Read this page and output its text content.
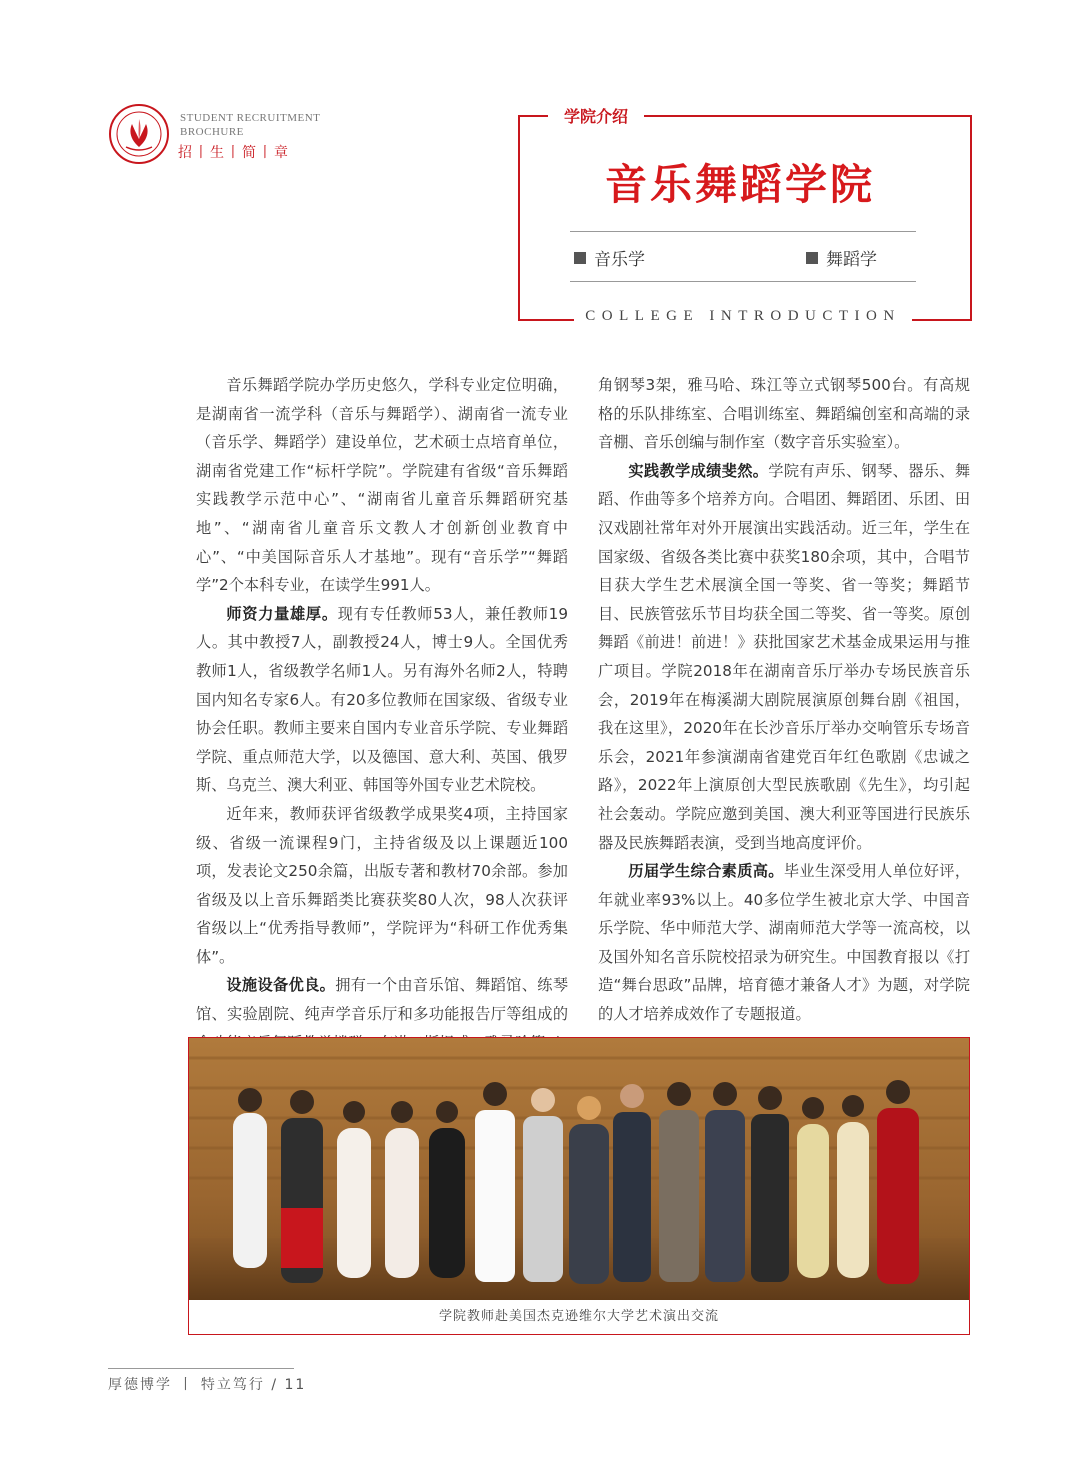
STUDENT RECRUITMENT
BROCHURE
招丨生丨简丨章
学院介绍
音乐舞蹈学院
音乐学	舞蹈学
COLLEGE INTRODUCTION

音乐舞蹈学院办学历史悠久，学科专业定位明确，是湖南省一流学科（音乐与舞蹈学）、湖南省一流专业（音乐学、舞蹈学）建设单位，艺术硕士点培育单位，湖南省党建工作“标杆学院”。学院建有省级“音乐舞蹈实践教学示范中心”、“湖南省儿童音乐舞蹈研究基地”、“湖南省儿童音乐文教人才创新创业教育中心”、“中美国际音乐人才基地”。现有“音乐学”“舞蹈学”2个本科专业，在读学生991人。

师资力量雄厚。现有专任教师53人，兼任教师19人。其中教授7人，副教授24人，博士9人。全国优秀教师1人，省级教学名师1人。另有海外名师2人，特聘国内知名专家6人。有20多位教师在国家级、省级专业协会任职。教师主要来自国内专业音乐学院、专业舞蹈学院、重点师范大学，以及德国、意大利、英国、俄罗斯、乌克兰、澳大利亚、韩国等外国专业艺术院校。

近年来，教师获评省级教学成果奖4项，主持国家级、省级一流课程9门，主持省级及以上课题近100项，发表论文250余篇，出版专著和教材70余部。参加省级及以上音乐舞蹈类比赛获奖80人次，98人次获评省级以上“优秀指导教师”，学院评为“科研工作优秀集体”。

设施设备优良。拥有一个由音乐馆、舞蹈馆、练琴馆、实验剧院、纯声学音乐厅和多功能报告厅等组成的

角钢琴3架，雅马哈、珠江等立式钢琴500台。有高规格的乐队排练室、合唱训练室、舞蹈编创室和高端的录音棚、音乐创编与制作室（数字音乐实验室）。

实践教学成绩斐然。学院有声乐、钢琴、器乐、舞蹈、作曲等多个培养方向。合唱团、舞蹈团、乐团、田汉戏剧社常年对外开展演出实践活动。近三年，学生在国家级、省级各类比赛中获奖180余项，其中，合唱节目获大学生艺术展演全国一等奖、省一等奖；舞蹈节目、民族管弦乐节目均获全国二等奖、省一等奖。原创舞蹈《前进！前进！》获批国家艺术基金成果运用与推广项目。学院2018年在湖南音乐厅举办专场民族音乐会，2019年在梅溪湖大剧院展演原创舞台剧《祖国，我在这里》，2020年在长沙音乐厅举办交响管乐专场音乐会，2021年参演湖南省建党百年红色歌剧《忠诚之路》，2022年上演原创大型民族歌剧《先生》，均引起社会轰动。学院应邀到美国、澳大利亚等国进行民族乐器及民族舞蹈表演，受到当地高度评价。

历届学生综合素质高。毕业生深受用人单位好评，年就业率93%以上。40多位学生被北京大学、中国音乐学院、华中师范大学、湖南师范大学等一流高校，以及国外知名音乐院校招录为研究生。中国教育报以《打造“舞台思政”品牌，培育德才兼备人才》为题，对学院的人才培养成效作了专题报道。

学院教师赴美国杰克逊维尔大学艺术演出交流
厚德博学 丨 特立笃行 / 11
